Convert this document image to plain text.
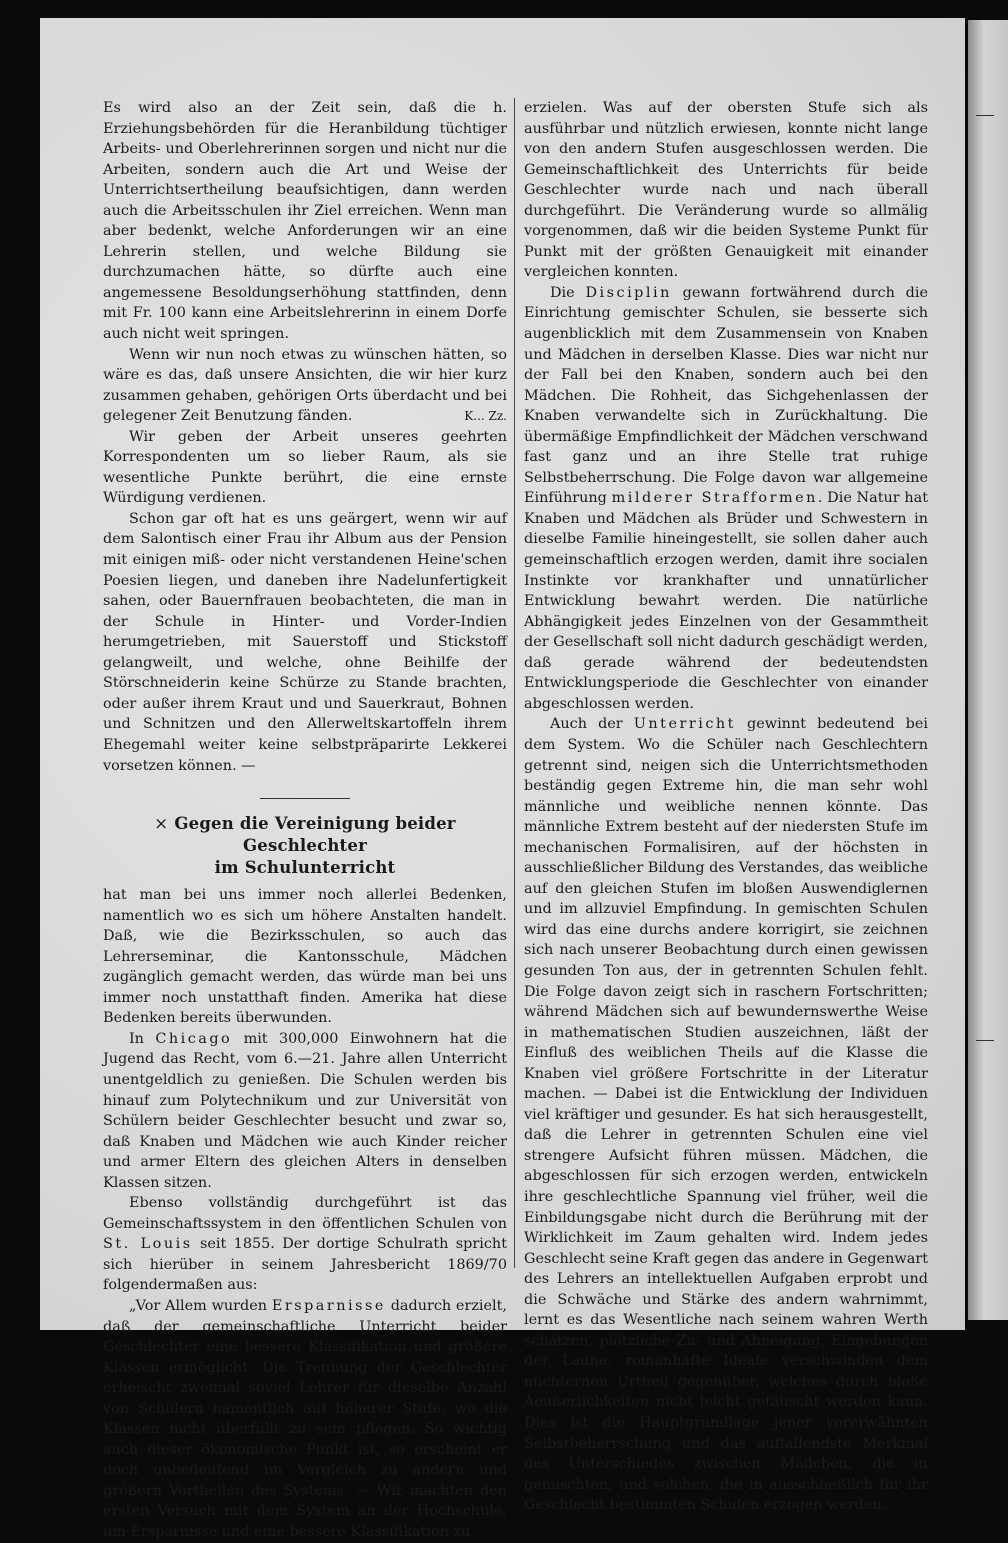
Es wird also an der Zeit sein, daß die h. Erziehungsbehörden für die Heranbildung tüchtiger Arbeits- und Oberlehrerinnen sorgen und nicht nur die Arbeiten, sondern auch die Art und Weise der Unterrichtsertheilung beaufsichtigen, dann werden auch die Arbeitsschulen ihr Ziel erreichen. Wenn man aber bedenkt, welche Anforderungen wir an eine Lehrerin stellen, und welche Bildung sie durchzumachen hätte, so dürfte auch eine angemessene Besoldungserhöhung stattfinden, denn mit Fr. 100 kann eine Arbeitslehrerinn in einem Dorfe auch nicht weit springen.

Wenn wir nun noch etwas zu wünschen hätten, so wäre es das, daß unsere Ansichten, die wir hier kurz zusammen gehaben, gehörigen Orts überdacht und bei gelegener Zeit Benutzung fänden.	K... Zz.

Wir geben der Arbeit unseres geehrten Korrespondenten um so lieber Raum, als sie wesentliche Punkte berührt, die eine ernste Würdigung verdienen.

Schon gar oft hat es uns geärgert, wenn wir auf dem Salontisch einer Frau ihr Album aus der Pension mit einigen miß- oder nicht verstandenen Heine'schen Poesien liegen, und daneben ihre Nadelunfertigkeit sahen, oder Bauernfrauen beobachteten, die man in der Schule in Hinter- und Vorder-Indien herumgetrieben, mit Sauerstoff und Stickstoff gelangweilt, und welche, ohne Beihilfe der Störschneiderin keine Schürze zu Stande brachten, oder außer ihrem Kraut und und Sauerkraut, Bohnen und Schnitzen und den Allerweltskartoffeln ihrem Ehegemahl weiter keine selbstpräparirte Lekkerei vorsetzen können. —

× Gegen die Vereinigung beider Geschlechter
im Schulunterricht

hat man bei uns immer noch allerlei Bedenken, namentlich wo es sich um höhere Anstalten handelt. Daß, wie die Bezirksschulen, so auch das Lehrerseminar, die Kantonsschule, Mädchen zugänglich gemacht werden, das würde man bei uns immer noch unstatthaft finden. Amerika hat diese Bedenken bereits überwunden.

In Chicago mit 300,000 Einwohnern hat die Jugend das Recht, vom 6.—21. Jahre allen Unterricht unentgeldlich zu genießen. Die Schulen werden bis hinauf zum Polytechnikum und zur Universität von Schülern beider Geschlechter besucht und zwar so, daß Knaben und Mädchen wie auch Kinder reicher und armer Eltern des gleichen Alters in denselben Klassen sitzen.

Ebenso vollständig durchgeführt ist das Gemeinschaftssystem in den öffentlichen Schulen von St. Louis seit 1855. Der dortige Schulrath spricht sich hierüber in seinem Jahresbericht 1869/70 folgendermaßen aus:

„Vor Allem wurden Ersparnisse dadurch erzielt, daß der gemeinschaftliche Unterricht beider Geschlechter eine bessere Klassifikation und größere Klassen ermöglicht. Die Trennung der Geschlechter erheischt zweimal soviel Lehrer für dieselbe Anzahl von Schülern namentlich auf höherer Stufe, wo die Klassen nicht überfüllt zu sein pflegen. So wichtig auch dieser ökonomische Punkt ist, so erscheint er doch unbedeutend im Vergleich zu andern und größern Vortheilen des Systems. — Wir machten den ersten Versuch mit dem System an der Hochschule, um Ersparnisse und eine bessere Klassifikation zu

erzielen. Was auf der obersten Stufe sich als ausführbar und nützlich erwiesen, konnte nicht lange von den andern Stufen ausgeschlossen werden. Die Gemeinschaftlichkeit des Unterrichts für beide Geschlechter wurde nach und nach überall durchgeführt. Die Veränderung wurde so allmälig vorgenommen, daß wir die beiden Systeme Punkt für Punkt mit der größten Genauigkeit mit einander vergleichen konnten.

Die Disciplin gewann fortwährend durch die Einrichtung gemischter Schulen, sie besserte sich augenblicklich mit dem Zusammensein von Knaben und Mädchen in derselben Klasse. Dies war nicht nur der Fall bei den Knaben, sondern auch bei den Mädchen. Die Rohheit, das Sichgehenlassen der Knaben verwandelte sich in Zurückhaltung. Die übermäßige Empfindlichkeit der Mädchen verschwand fast ganz und an ihre Stelle trat ruhige Selbstbeherrschung. Die Folge davon war allgemeine Einführung milderer Strafformen. Die Natur hat Knaben und Mädchen als Brüder und Schwestern in dieselbe Familie hineingestellt, sie sollen daher auch gemeinschaftlich erzogen werden, damit ihre socialen Instinkte vor krankhafter und unnatürlicher Entwicklung bewahrt werden. Die natürliche Abhängigkeit jedes Einzelnen von der Gesammtheit der Gesellschaft soll nicht dadurch geschädigt werden, daß gerade während der bedeutendsten Entwicklungsperiode die Geschlechter von einander abgeschlossen werden.

Auch der Unterricht gewinnt bedeutend bei dem System. Wo die Schüler nach Geschlechtern getrennt sind, neigen sich die Unterrichtsmethoden beständig gegen Extreme hin, die man sehr wohl männliche und weibliche nennen könnte. Das männliche Extrem besteht auf der niedersten Stufe im mechanischen Formalisiren, auf der höchsten in ausschließlicher Bildung des Verstandes, das weibliche auf den gleichen Stufen im bloßen Auswendiglernen und im allzuviel Empfindung. In gemischten Schulen wird das eine durchs andere korrigirt, sie zeichnen sich nach unserer Beobachtung durch einen gewissen gesunden Ton aus, der in getrennten Schulen fehlt. Die Folge davon zeigt sich in raschern Fortschritten; während Mädchen sich auf bewundernswerthe Weise in mathematischen Studien auszeichnen, läßt der Einfluß des weiblichen Theils auf die Klasse die Knaben viel größere Fortschritte in der Literatur machen. — Dabei ist die Entwicklung der Individuen viel kräftiger und gesunder. Es hat sich herausgestellt, daß die Lehrer in getrennten Schulen eine viel strengere Aufsicht führen müssen. Mädchen, die abgeschlossen für sich erzogen werden, entwickeln ihre geschlechtliche Spannung viel früher, weil die Einbildungsgabe nicht durch die Berührung mit der Wirklichkeit im Zaum gehalten wird. Indem jedes Geschlecht seine Kraft gegen das andere in Gegenwart des Lehrers an intellektuellen Aufgaben erprobt und die Schwäche und Stärke des andern wahrnimmt, lernt es das Wesentliche nach seinem wahren Werth schätzen, plötzliche Zu- und Abneigung, Eingebungen der Laune, romanhafte Ideale verschwinden dem nüchternen Urtheil gegenüber, welches durch bloße Aeußerlichkeiten nicht leicht getäuscht werden kann. Dies ist die Hauptgrundlage jener vorerwähnten Selbstbeherrschung und das auffallendste Merkmal des Unterschiedes zwischen Mädchen, die in gemischten, und solchen, die in ausschließlich für ihr Geschlecht bestimmten Schulen erzogen werden.
